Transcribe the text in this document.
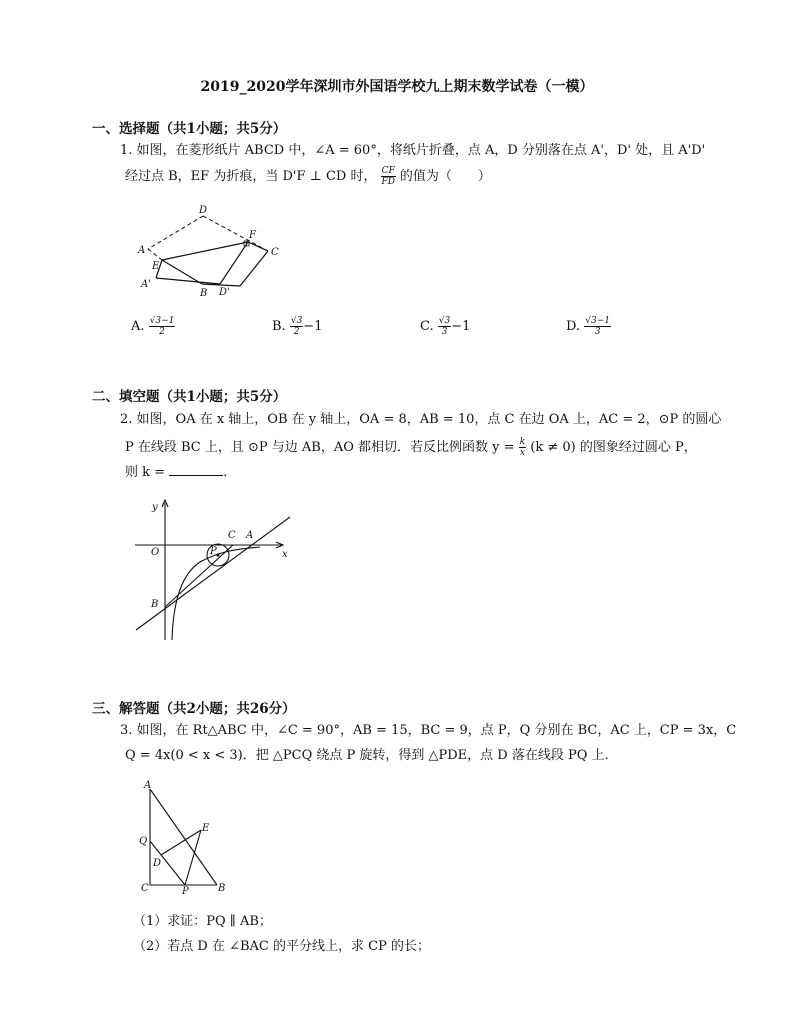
2019_2020学年深圳市外国语学校九上期末数学试卷（一模）
一、选择题（共1小题；共5分）
1. 如图，在菱形纸片 ABCD 中，∠A = 60°，将纸片折叠，点 A，D 分别落在点 A'，D' 处，且 A'D'
经过点 B，EF 为折痕，当 D'F ⊥ CD 时， $\frac{CF}{FD}$ 的值为（　　）
D
A
E
F
C
A'
B D'
A. $\frac{√3-1}{2}$	B. $\frac{√3}{2} -1$	C. $\frac{√3}{3} -1$	D. $\frac{√3-1}{3}$
二、填空题（共1小题；共5分）
2. 如图，OA 在 x 轴上，OB 在 y 轴上，OA = 8，AB = 10，点 C 在边 OA 上，AC = 2，⊙P 的圆心
P 在线段 BC 上，且 ⊙P 与边 AB，AO 都相切．若反比例函数 $y = \frac{k}{x} (k \ne 0)$ 的图象经过圆心 P，
则 k =	．
y
O	x
C A
P
B
三、解答题（共2小题；共26分）
3. 如图，在 Rt△ABC 中，∠C = 90°，AB = 15，BC = 9，点 P，Q 分别在 BC，AC 上，CP = 3x，C
Q = 4x(0 < x < 3)．把 △PCQ 绕点 P 旋转，得到 △PDE，点 D 落在线段 PQ 上．
A
Q
E
D
C	P	B
（1）求证：PQ ∥ AB；
（2）若点 D 在 ∠BAC 的平分线上，求 CP 的长；
